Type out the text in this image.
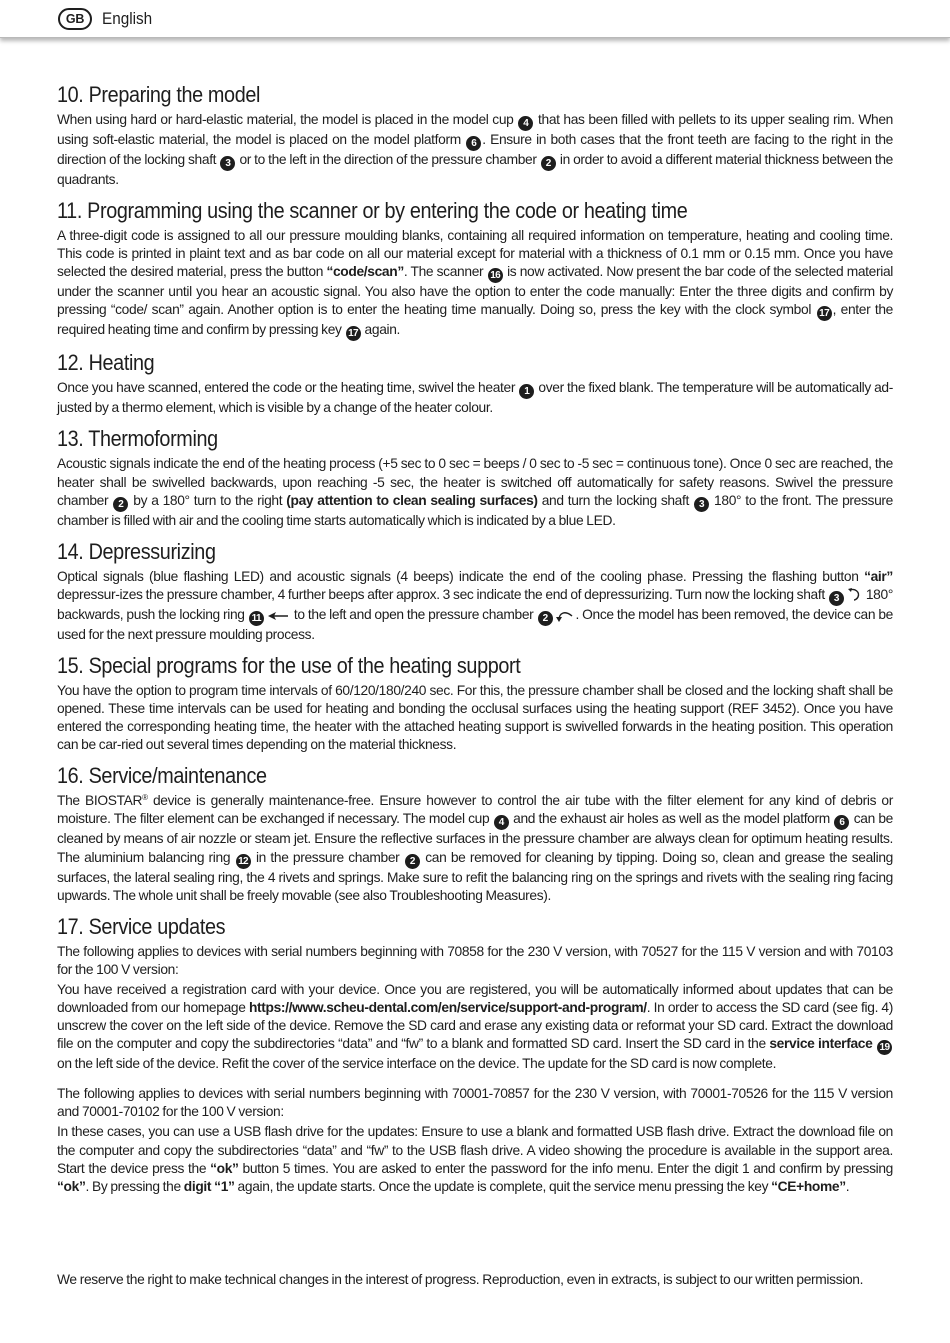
GB	English
10. Preparing the model

When using hard or hard-elastic material, the model is placed in the model cup 4 that has been filled with pellets to its upper sealing rim. When using soft-elastic material, the model is placed on the model platform 6 . Ensure in both cases that the front teeth are facing to the right in the direction of the locking shaft 3 or to the left in the direction of the pressure chamber 2 in order to avoid a different material thickness between the quadrants.

11. Programming using the scanner or by entering the code or heating time

A three-digit code is assigned to all our pressure moulding blanks, containing all required information on temperature, heating and cooling time. This code is printed in plaint text and as bar code on all our material except for material with a thickness of 0.1 mm or 0.15 mm. Once you have selected the desired material, press the button “code/scan”. The scanner 16 is now activated. Now present the bar code of the selected material under the scanner until you hear an acoustic signal. You also have the option to enter the code manually: Enter the three digits and confirm by pressing “code/ scan” again. Another option is to enter the heating time manually. Doing so, press the key with the clock symbol 17 , enter the required heating time and confirm by pressing key 17 again.

12. Heating

Once you have scanned, entered the code or the heating time, swivel the heater 1 over the fixed blank. The temperature will be automatically ad-justed by a thermo element, which is visible by a change of the heater colour.

13. Thermoforming

Acoustic signals indicate the end of the heating process (+5 sec to 0 sec = beeps / 0 sec to -5 sec = continuous tone). Once 0 sec are reached, the heater shall be swivelled backwards, upon reaching -5 sec, the heater is switched off automatically for safety reasons. Swivel the pressure chamber 2 by a 180° turn to the right (pay attention to clean sealing surfaces) and turn the locking shaft 3 180° to the front. The pressure chamber is filled with air and the cooling time starts automatically which is indicated by a blue LED.

14. Depressurizing

Optical signals (blue flashing LED) and acoustic signals (4 beeps) indicate the end of the cooling phase. Pressing the flashing button “air” depressur-izes the pressure chamber, 4 further beeps after approx. 3 sec indicate the end of depressurizing. Turn now the locking shaft 3 180° backwards, push the locking ring 11 to the left and open the pressure chamber 2 . Once the model has been removed, the device can be used for the next pressure moulding process.

15. Special programs for the use of the heating support

You have the option to program time intervals of 60/120/180/240 sec. For this, the pressure chamber shall be closed and the locking shaft shall be opened. These time intervals can be used for heating and bonding the occlusal surfaces using the heating support (REF 3452). Once you have entered the corresponding heating time, the heater with the attached heating support is swivelled forwards in the heating position. This operation can be car-ried out several times depending on the material thickness.

16. Service/maintenance

The BIOSTAR® device is generally maintenance-free. Ensure however to control the air tube with the filter element for any kind of debris or moisture. The filter element can be exchanged if necessary. The model cup 4 and the exhaust air holes as well as the model platform 6 can be cleaned by means of air nozzle or steam jet. Ensure the reflective surfaces in the pressure chamber are always clean for optimum heating results. The aluminium balancing ring 12 in the pressure chamber 2 can be removed for cleaning by tipping. Doing so, clean and grease the sealing surfaces, the lateral sealing ring, the 4 rivets and springs. Make sure to refit the balancing ring on the springs and rivets with the sealing ring facing upwards. The whole unit shall be freely movable (see also Troubleshooting Measures).

17. Service updates

The following applies to devices with serial numbers beginning with 70858 for the 230 V version, with 70527 for the 115 V version and with 70103 for the 100 V version:

You have received a registration card with your device. Once you are registered, you will be automatically informed about updates that can be downloaded from our homepage https://www.scheu-dental.com/en/service/support-and-program/. In order to access the SD card (see fig. 4) unscrew the cover on the left side of the device. Remove the SD card and erase any existing data or reformat your SD card. Extract the download file on the computer and copy the subdirectories “data” and “fw” to a blank and formatted SD card. Insert the SD card in the service interface 19 on the left side of the device. Refit the cover of the service interface on the device. The update for the SD card is now complete.

The following applies to devices with serial numbers beginning with 70001-70857 for the 230 V version, with 70001-70526 for the 115 V version and 70001-70102 for the 100 V version:

In these cases, you can use a USB flash drive for the updates: Ensure to use a blank and formatted USB flash drive. Extract the download file on the computer and copy the subdirectories “data” and “fw” to the USB flash drive. A video showing the procedure is available in the support area. Start the device press the “ok” button 5 times. You are asked to enter the password for the info menu. Enter the digit 1 and confirm by pressing “ok”. By pressing the digit “1” again, the update starts. Once the update is complete, quit the service menu pressing the key “CE+home”.

We reserve the right to make technical changes in the interest of progress. Reproduction, even in extracts, is subject to our written permission.
